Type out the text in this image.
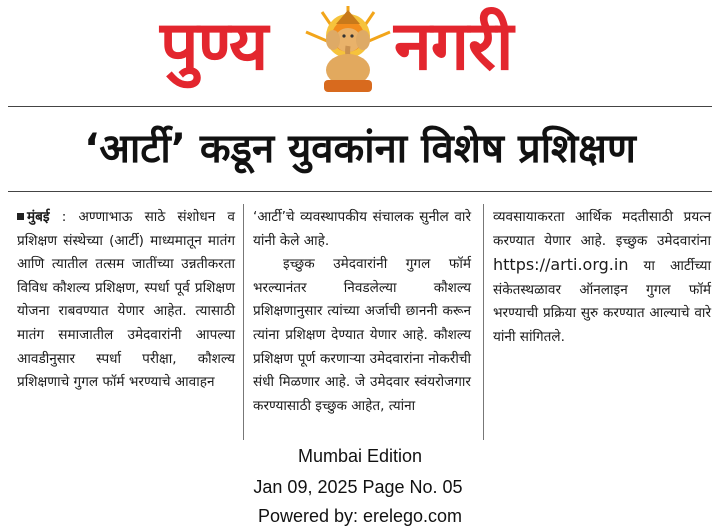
पुण्य नगरी
‘आर्टी’ कडून युवकांना विशेष प्रशिक्षण

मुंबई : अण्णाभाऊ साठे संशोधन व प्रशिक्षण संस्थेच्या (आर्टी) माध्यमातून मातंग आणि त्यातील तत्सम जातींच्या उन्नतीकरता विविध कौशल्य प्रशिक्षण, स्पर्धा पूर्व प्रशिक्षण योजना राबवण्यात येणार आहेत. त्यासाठी मातंग समाजातील उमेदवारांनी आपल्या आवडीनुसार स्पर्धा परीक्षा, कौशल्य प्रशिक्षणाचे गुगल फॉर्म भरण्याचे आवाहन

‘आर्टी’चे व्यवस्थापकीय संचालक सुनील वारे यांनी केले आहे.

इच्छुक उमेदवारांनी गुगल फॉर्म भरल्यानंतर निवडलेल्या कौशल्य प्रशिक्षणानुसार त्यांच्या अर्जाची छाननी करून त्यांना प्रशिक्षण देण्यात येणार आहे. कौशल्य प्रशिक्षण पूर्ण करणाऱ्या उमेदवारांना नोकरीची संधी मिळणार आहे. जे उमेदवार स्वंयरोजगार करण्यासाठी इच्छुक आहेत, त्यांना

व्यवसायाकरता आर्थिक मदतीसाठी प्रयत्न करण्यात येणार आहे. इच्छुक उमेदवारांना https://arti.org.in या आर्टीच्या संकेतस्थळावर ऑनलाइन गुगल फॉर्म भरण्याची प्रक्रिया सुरु करण्यात आल्याचे वारे यांनी सांगितले.

Mumbai Edition
Jan 09, 2025 Page No. 05
Powered by: erelego.com
